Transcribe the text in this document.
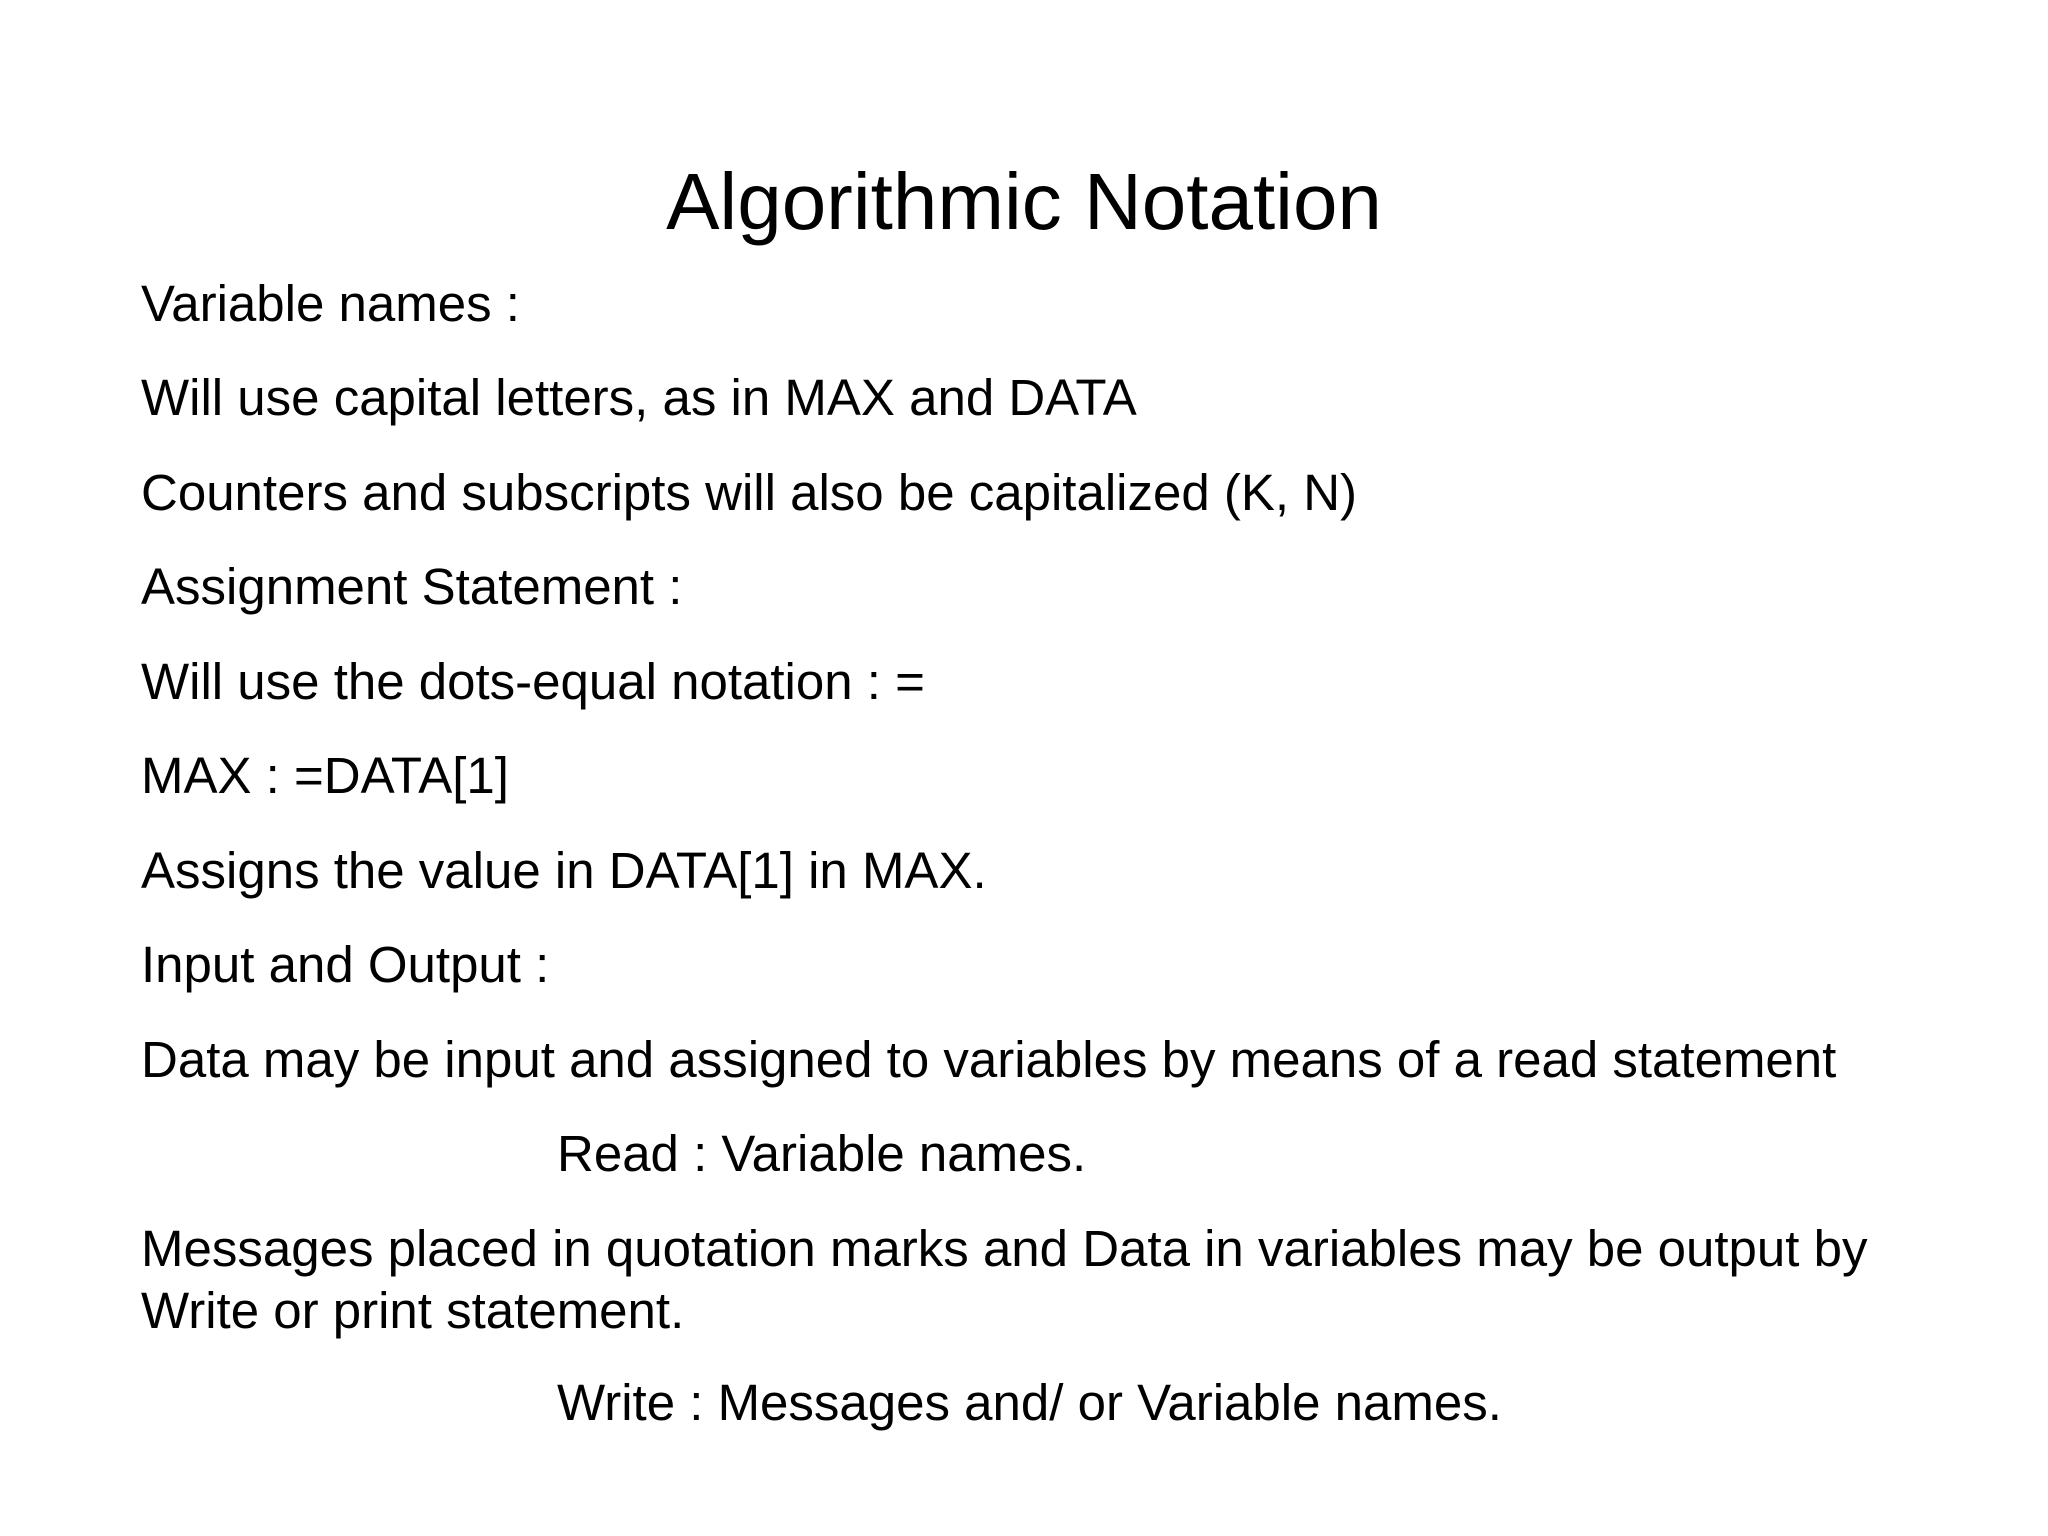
Algorithmic Notation

Variable names :

Will use capital letters, as in MAX and DATA

Counters and subscripts will also be capitalized (K, N)

Assignment Statement :

Will use the dots-equal notation : =

MAX : =DATA[1]

Assigns the value in DATA[1] in MAX.

Input and Output :

Data may be input and assigned to variables by means of a read statement

Read : Variable names.

Messages placed in quotation marks and Data in variables may be output by Write or print statement.

Write : Messages and/ or Variable names.
